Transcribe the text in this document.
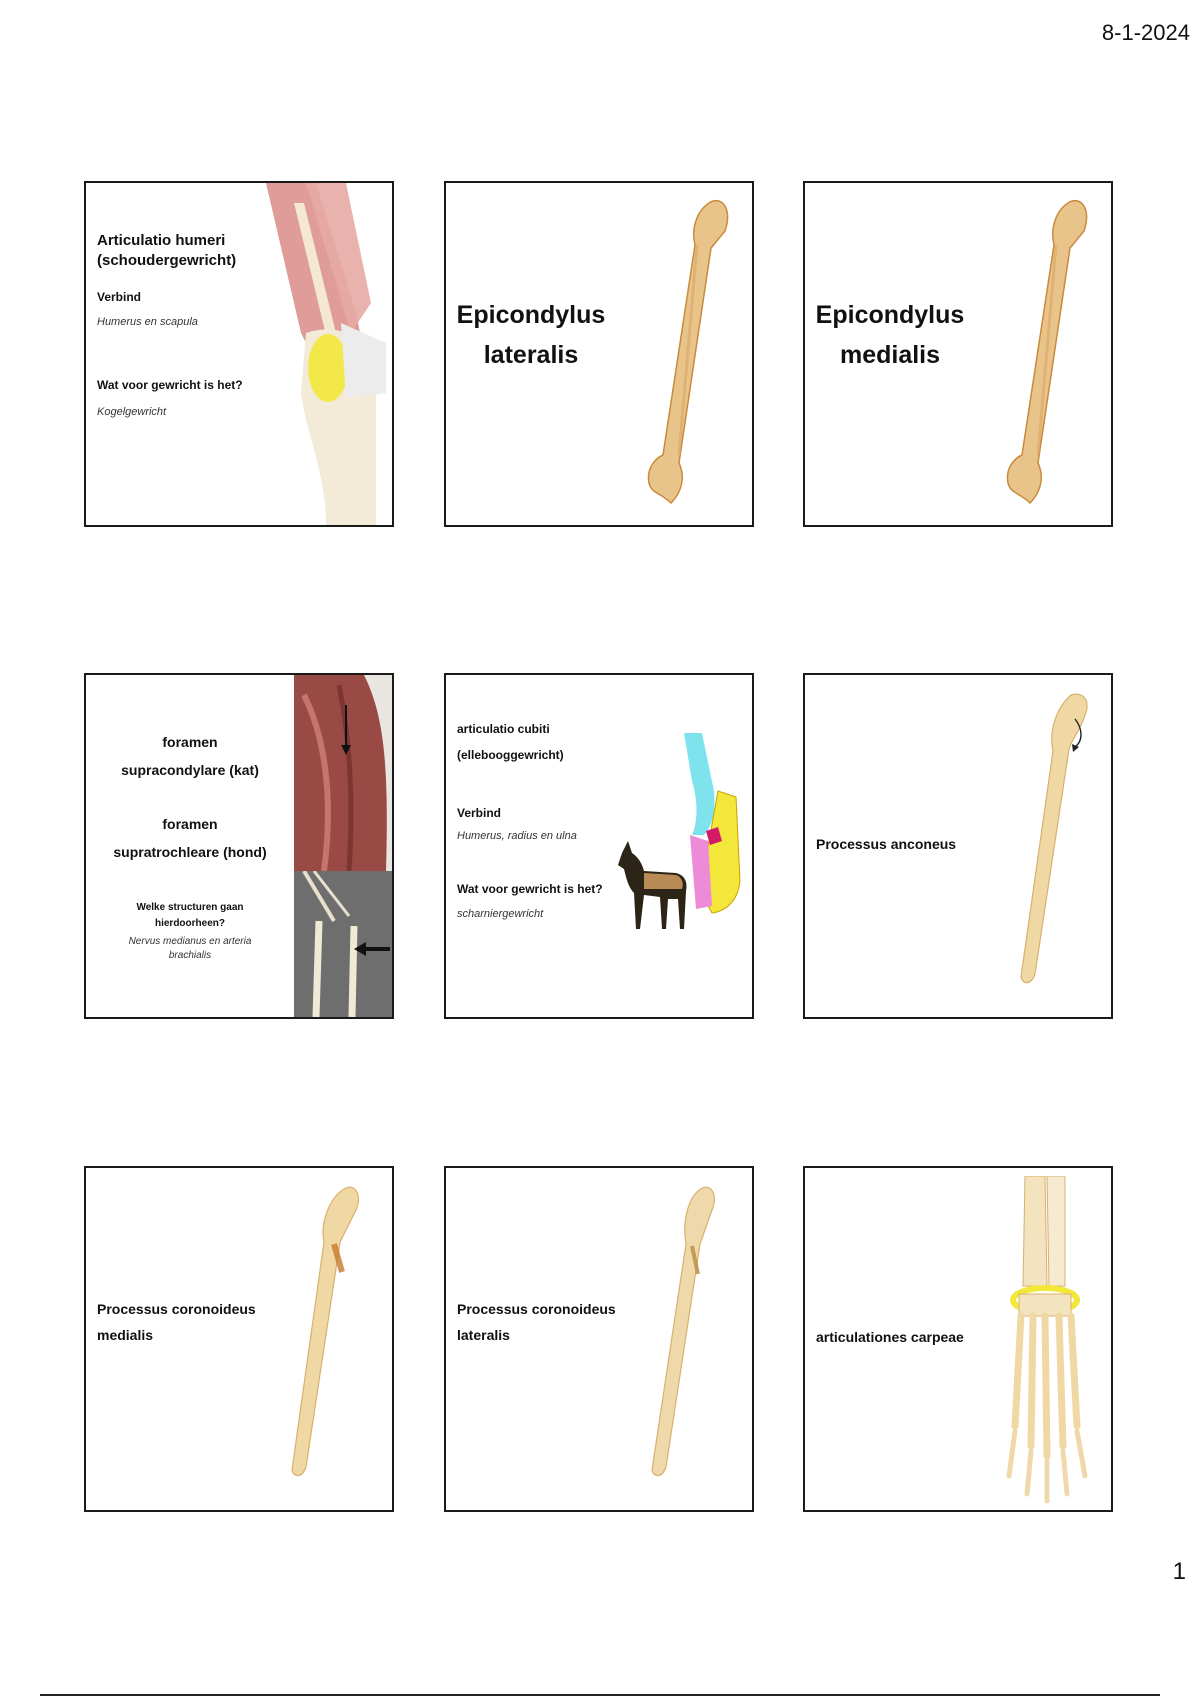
8-1-2024
Articulatio humeri
(schoudergewricht)
Verbind
Humerus en scapula
Wat voor gewricht is het?
Kogelgewricht
Epicondylus
lateralis
Epicondylus
medialis
foramen
supracondylare (kat)
foramen
supratrochleare (hond)
Welke structuren gaan
hierdoorheen?
Nervus medianus en arteria
brachialis
articulatio cubiti
(ellebooggewricht)
Verbind
Humerus, radius en ulna
Wat voor gewricht is het?
scharniergewricht
Processus anconeus
Processus coronoideus
medialis
Processus coronoideus
lateralis	articulationes carpeae
1
